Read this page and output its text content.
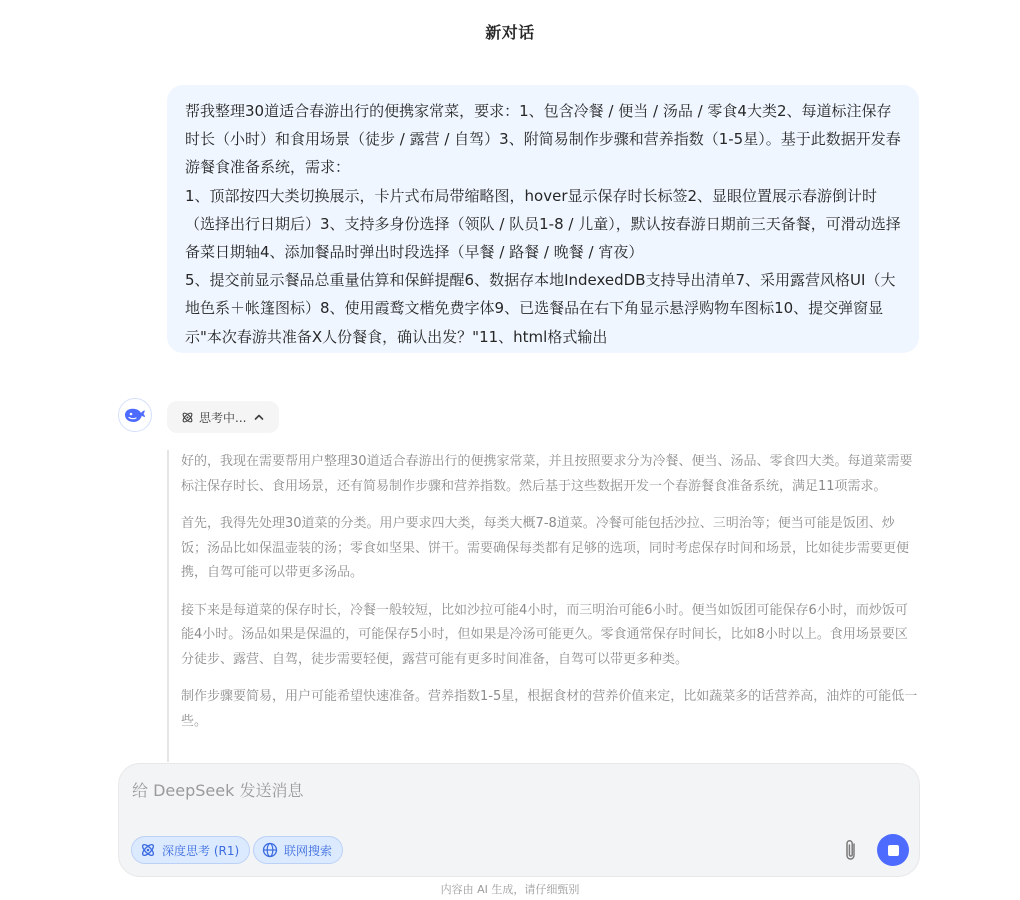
新对话

帮我整理30道适合春游出行的便携家常菜，要求：1、包含冷餐 / 便当 / 汤品 / 零食4大类2、每道标注保存时长（小时）和食用场景（徒步 / 露营 / 自驾）3、附简易制作步骤和营养指数（1-5星）。基于此数据开发春游餐食准备系统，需求：

1、顶部按四大类切换展示，卡片式布局带缩略图，hover显示保存时长标签2、显眼位置展示春游倒计时（选择出行日期后）3、支持多身份选择（领队 / 队员1-8 / 儿童），默认按春游日期前三天备餐，可滑动选择备菜日期轴4、添加餐品时弹出时段选择（早餐 / 路餐 / 晚餐 / 宵夜）

5、提交前显示餐品总重量估算和保鲜提醒6、数据存本地IndexedDB支持导出清单7、采用露营风格UI（大地色系＋帐篷图标）8、使用霞鹜文楷免费字体9、已选餐品在右下角显示悬浮购物车图标10、提交弹窗显示"本次春游共准备X人份餐食，确认出发？"11、html格式输出

思考中...

好的，我现在需要帮用户整理30道适合春游出行的便携家常菜，并且按照要求分为冷餐、便当、汤品、零食四大类。每道菜需要标注保存时长、食用场景，还有简易制作步骤和营养指数。然后基于这些数据开发一个春游餐食准备系统，满足11项需求。

首先，我得先处理30道菜的分类。用户要求四大类，每类大概7-8道菜。冷餐可能包括沙拉、三明治等；便当可能是饭团、炒饭；汤品比如保温壶装的汤；零食如坚果、饼干。需要确保每类都有足够的选项，同时考虑保存时间和场景，比如徒步需要更便携，自驾可能可以带更多汤品。

接下来是每道菜的保存时长，冷餐一般较短，比如沙拉可能4小时，而三明治可能6小时。便当如饭团可能保存6小时，而炒饭可能4小时。汤品如果是保温的，可能保存5小时，但如果是冷汤可能更久。零食通常保存时间长，比如8小时以上。食用场景要区分徒步、露营、自驾，徒步需要轻便，露营可能有更多时间准备，自驾可以带更多种类。

制作步骤要简易，用户可能希望快速准备。营养指数1-5星，根据食材的营养价值来定，比如蔬菜多的话营养高，油炸的可能低一些。

给 DeepSeek 发送消息
深度思考 (R1)	联网搜索
内容由 AI 生成，请仔细甄别
